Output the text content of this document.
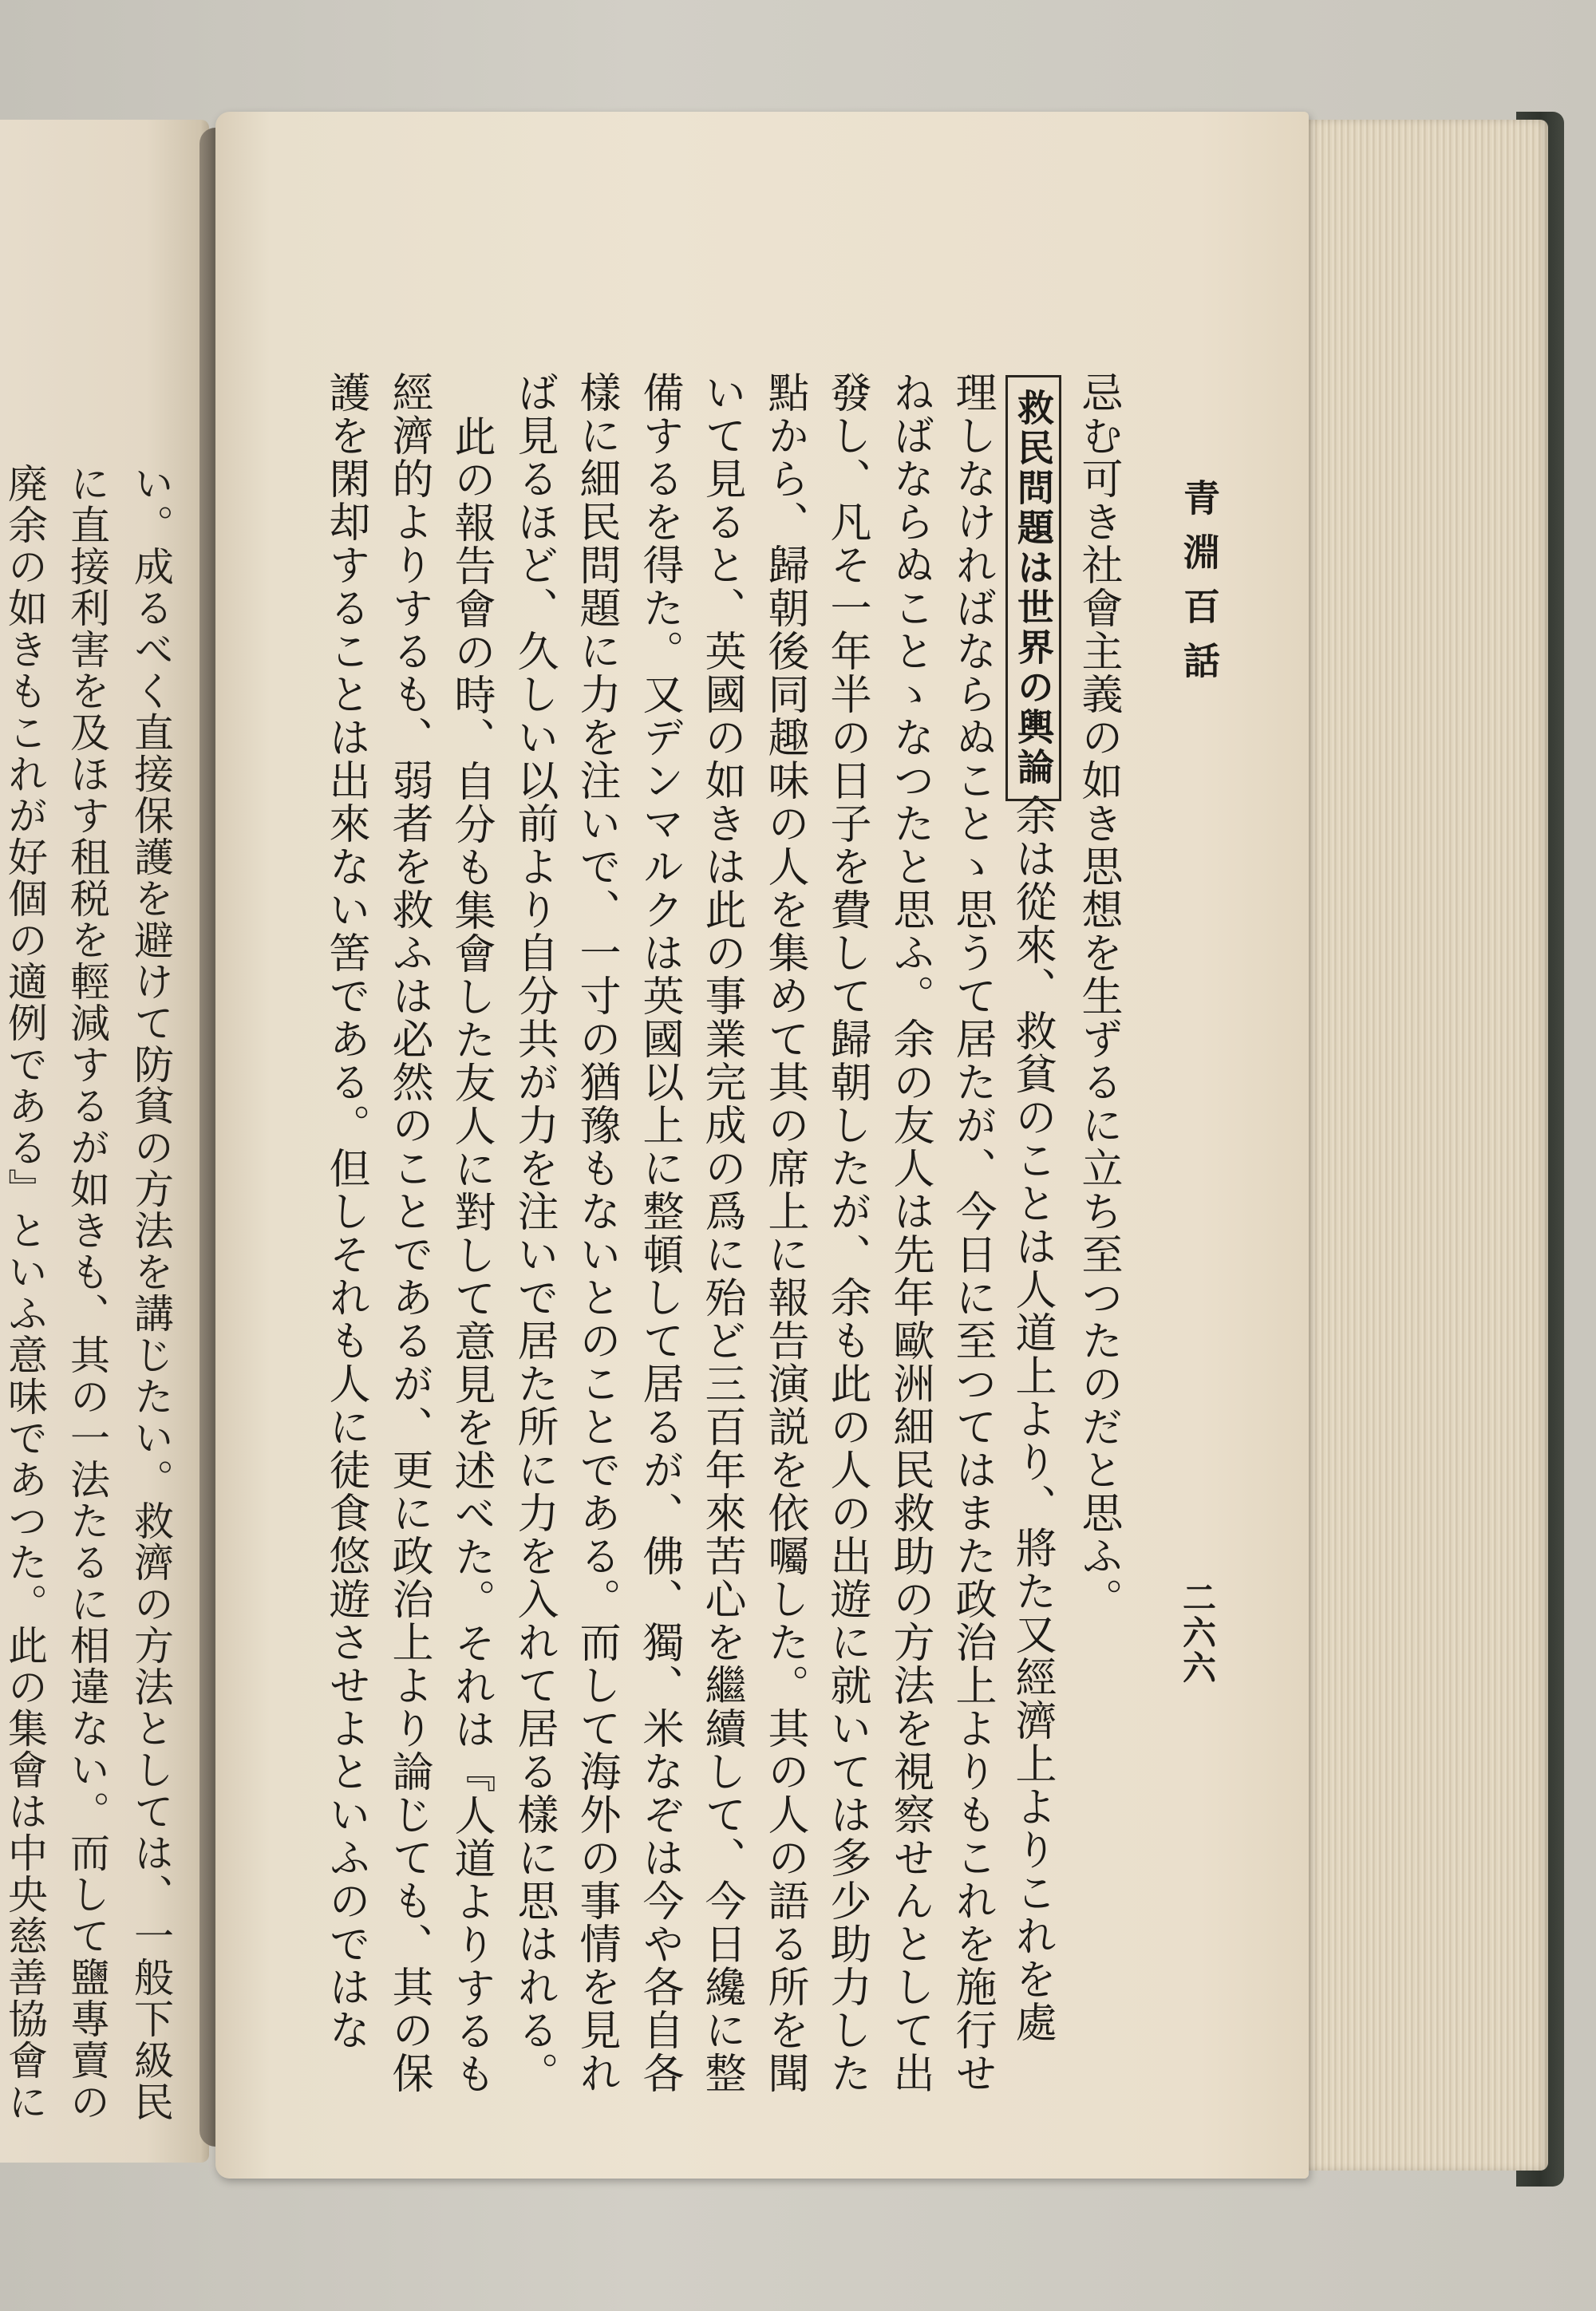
い。成るべく直接保護を避けて防貧の方法を講じたい。救濟の方法としては、一般下級民
に直接利害を及ほす租税を輕減するが如きも、其の一法たるに相違ない。而して鹽專賣の
廃余の如きもこれが好個の適例である』といふ意味であつた。此の集會は中央慈善協會に	青淵百話
二六六
忌む可き社會主義の如き思想を生ずるに立ち至つたのだと思ふ。
余は從來、救貧のことは人道上より、將た又經濟上よりこれを處
救民問題は世界の輿論
理しなければならぬことゝ思うて居たが、今日に至つてはまた政治上よりもこれを施行せ
ねばならぬことゝなつたと思ふ。余の友人は先年歐洲細民救助の方法を視察せんとして出
發し、凡そ一年半の日子を費して歸朝したが、余も此の人の出遊に就いては多少助力した
點から、歸朝後同趣味の人を集めて其の席上に報告演説を依囑した。其の人の語る所を聞
いて見ると、英國の如きは此の事業完成の爲に殆ど三百年來苦心を繼續して、今日纔に整
備するを得た。又デンマルクは英國以上に整頓して居るが、佛、獨、米なぞは今や各自各
樣に細民問題に力を注いで、一寸の猶豫もないとのことである。而して海外の事情を見れ
ば見るほど、久しい以前より自分共が力を注いで居た所に力を入れて居る樣に思はれる。
此の報告會の時、自分も集會した友人に對して意見を述べた。それは『人道よりするも
經濟的よりするも、弱者を救ふは必然のことであるが、更に政治上より論じても、其の保
護を閑却することは出來ない筈である。但しそれも人に徒食悠遊させよといふのではな
